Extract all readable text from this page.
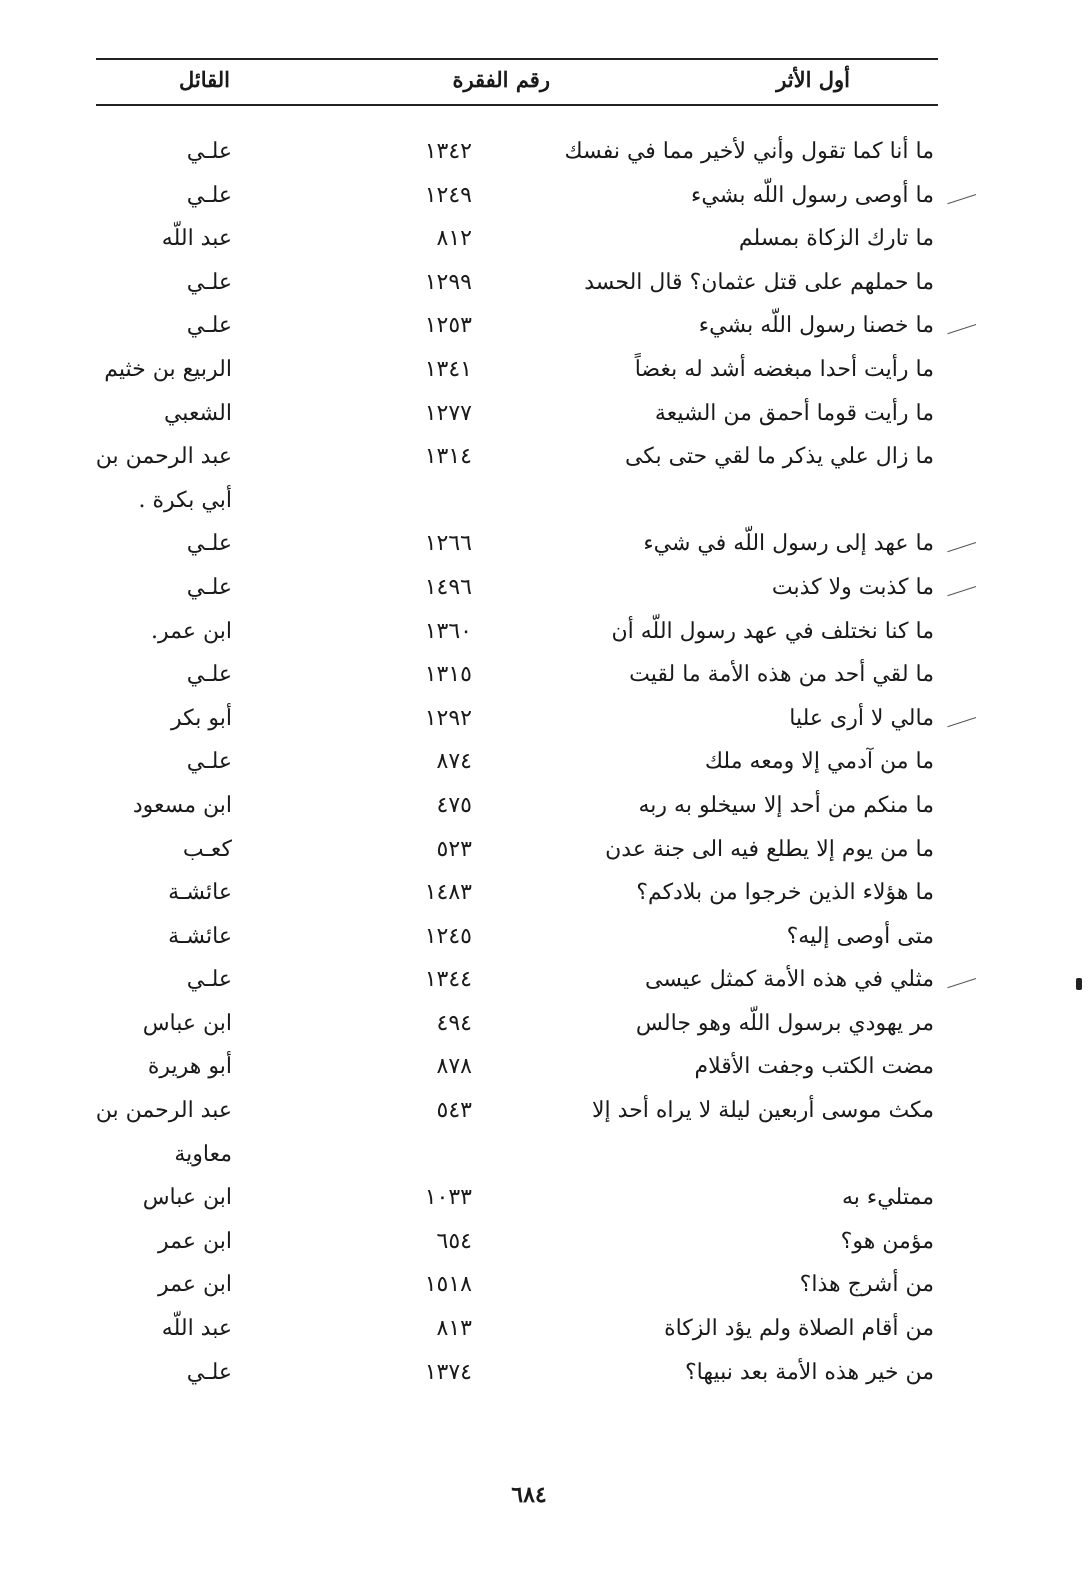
أول الأثر
رقم الفقرة
القائل
ما أنا كما تقول وأني لأخير مما في نفسك
١٣٤٢
علـي
ما أوصى رسول اللّه بشيء
١٢٤٩
علـي
ما تارك الزكاة بمسلم
٨١٢
عبد اللّه
ما حملهم على قتل عثمان؟ قال الحسد
١٢٩٩
علـي
ما خصنا رسول اللّه بشيء
١٢٥٣
علـي
ما رأيت أحدا مبغضه أشد له بغضاً
١٣٤١
الربيع بن خثيم
ما رأيت قوما أحمق من الشيعة
١٢٧٧
الشعبي
ما زال علي يذكر ما لقي حتى بكى
١٣١٤
عبد الرحمن بن
أبي بكرة .
ما عهد إلى رسول اللّه في شيء
١٢٦٦
علـي
ما كذبت ولا كذبت
١٤٩٦
علـي
ما كنا نختلف في عهد رسول اللّه أن
١٣٦٠
ابن عمر.
ما لقي أحد من هذه الأمة ما لقيت
١٣١٥
علـي
مالي لا أرى عليا
١٢٩٢
أبو بكر
ما من آدمي إلا ومعه ملك
٨٧٤
علـي
ما منكم من أحد إلا سيخلو به ربه
٤٧٥
ابن مسعود
ما من يوم إلا يطلع فيه الى جنة عدن
٥٢٣
كعـب
ما هؤلاء الذين خرجوا من بلادكم؟
١٤٨٣
عائشـة
متى أوصى إليه؟
١٢٤٥
عائشـة
مثلي في هذه الأمة كمثل عيسى
١٣٤٤
علـي
مر يهودي برسول اللّه وهو جالس
٤٩٤
ابن عباس
مضت الكتب وجفت الأقلام
٨٧٨
أبو هريرة
مكث موسى أربعين ليلة لا يراه أحد إلا
٥٤٣
عبد الرحمن بن
معاوية
ممتليء به
١٠٣٣
ابن عباس
مؤمن هو؟
٦٥٤
ابن عمر
من أشرج هذا؟
١٥١٨
ابن عمر
من أقام الصلاة ولم يؤد الزكاة
٨١٣
عبد اللّه
من خير هذه الأمة بعد نبيها؟
١٣٧٤
علـي
٦٨٤
